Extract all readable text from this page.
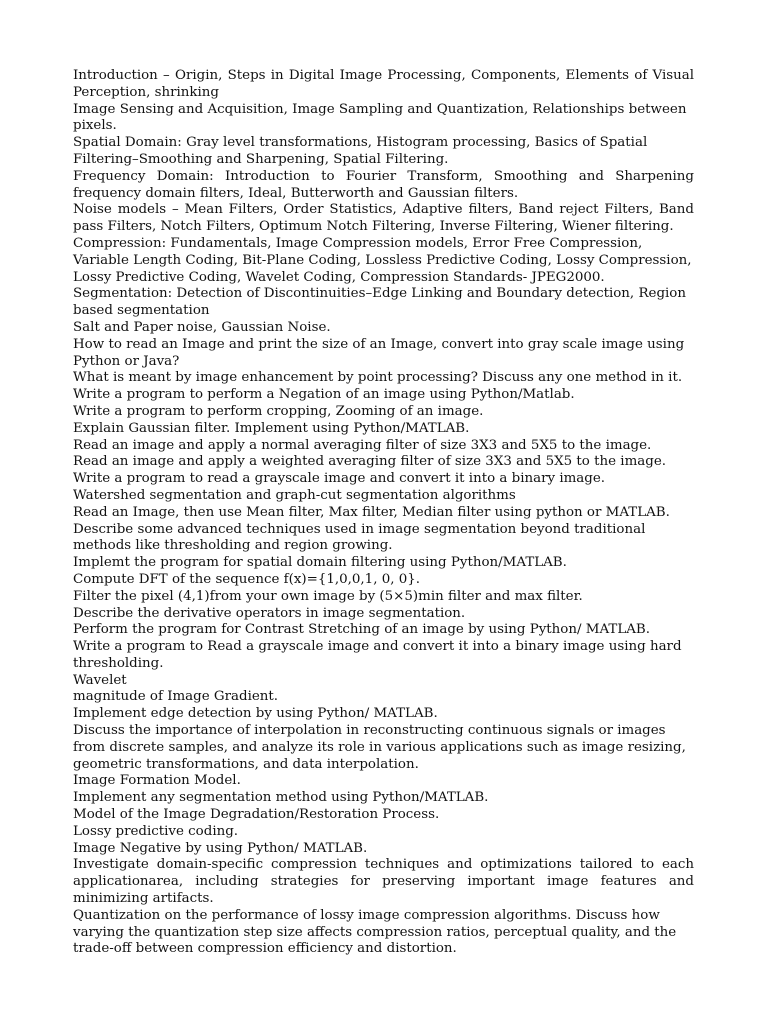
Introduction – Origin, Steps in Digital Image Processing, Components, Elements of Visual Perception, shrinking

Image Sensing and Acquisition, Image Sampling and Quantization, Relationships between pixels.

Spatial Domain: Gray level transformations, Histogram processing, Basics of Spatial Filtering–Smoothing and Sharpening, Spatial Filtering.

Frequency Domain: Introduction to Fourier Transform, Smoothing and Sharpening frequency domain filters, Ideal, Butterworth and Gaussian filters.

Noise models – Mean Filters, Order Statistics, Adaptive filters, Band reject Filters, Band pass Filters, Notch Filters, Optimum Notch Filtering, Inverse Filtering, Wiener filtering.

Compression: Fundamentals, Image Compression models, Error Free Compression, Variable Length Coding, Bit-Plane Coding, Lossless Predictive Coding, Lossy Compression, Lossy Predictive Coding, Wavelet Coding, Compression Standards- JPEG2000.

Segmentation: Detection of Discontinuities–Edge Linking and Boundary detection, Region based segmentation

Salt and Paper noise, Gaussian Noise.

How to read an Image and print the size of an Image, convert into gray scale image using Python or Java?

What is meant by image enhancement by point processing? Discuss any one method in it.

Write a program to perform a Negation of an image using Python/Matlab.

Write a program to perform cropping, Zooming of an image.

Explain Gaussian filter. Implement using Python/MATLAB.

Read an image and apply a normal averaging filter of size 3X3 and 5X5 to the image.

Read an image and apply a weighted averaging filter of size 3X3 and 5X5 to the image.

Write a program to read a grayscale image and convert it into a binary image.

Watershed segmentation and graph-cut segmentation algorithms

Read an Image, then use Mean filter, Max filter, Median filter using python or MATLAB.

Describe some advanced techniques used in image segmentation beyond traditional methods like thresholding and region growing.

Implemt the program for spatial domain filtering using Python/MATLAB.

Compute DFT of the sequence f(x)={1,0,0,1, 0, 0}.

Filter the pixel (4,1)from your own image by (5×5)min filter and max filter.

Describe the derivative operators in image segmentation.

Perform the program for Contrast Stretching of an image by using Python/ MATLAB.

Write a program to Read a grayscale image and convert it into a binary image using hard thresholding.

Wavelet

magnitude of Image Gradient.

Implement edge detection by using Python/ MATLAB.

Discuss the importance of interpolation in reconstructing continuous signals or images from discrete samples, and analyze its role in various applications such as image resizing, geometric transformations, and data interpolation.

Image Formation Model.

Implement any segmentation method using Python/MATLAB.

Model of the Image Degradation/Restoration Process.

Lossy predictive coding.

Image Negative by using Python/ MATLAB.

Investigate domain-specific compression techniques and optimizations tailored to each applicationarea, including strategies for preserving important image features and minimizing artifacts.

Quantization on the performance of lossy image compression algorithms. Discuss how varying the quantization step size affects compression ratios, perceptual quality, and the trade-off between compression efficiency and distortion.
